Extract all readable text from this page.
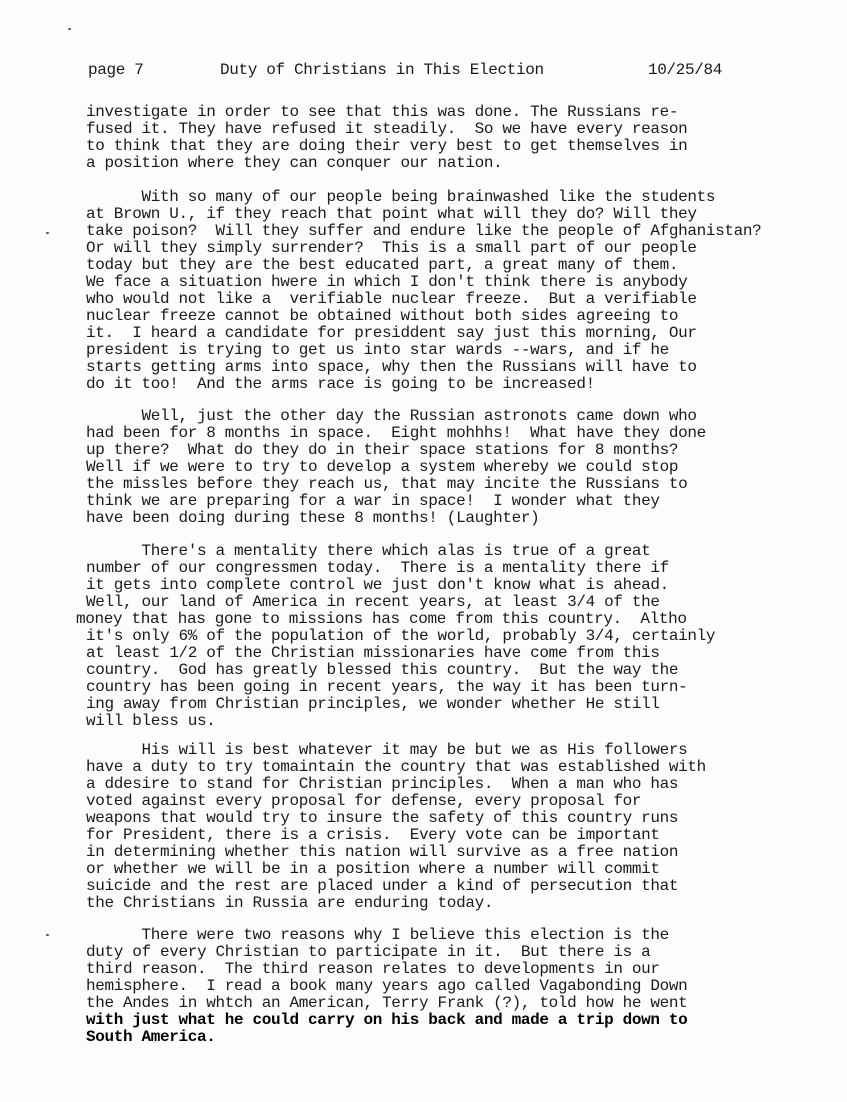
page 7

	Duty of Christians in This Election

	10/25/84

investigate in order to see that this was done. The Russians re-
fused it. They have refused it steadily.  So we have every reason
to think that they are doing their very best to get themselves in
a position where they can conquer our nation.
With so many of our people being brainwashed like the students
at Brown U., if they reach that point what will they do? Will they
take poison?  Will they suffer and endure like the people of Afghanistan?
Or will they simply surrender?  This is a small part of our people
today but they are the best educated part, a great many of them.
We face a situation hwere in which I don't think there is anybody
who would not like a  verifiable nuclear freeze.  But a verifiable
nuclear freeze cannot be obtained without both sides agreeing to
it.  I heard a candidate for presiddent say just this morning, Our
president is trying to get us into star wards --wars, and if he
starts getting arms into space, why then the Russians will have to
do it too!  And the arms race is going to be increased!
Well, just the other day the Russian astronots came down who
had been for 8 months in space.  Eight mohhhs!  What have they done
up there?  What do they do in their space stations for 8 months?
Well if we were to try to develop a system whereby we could stop
the missles before they reach us, that may incite the Russians to
think we are preparing for a war in space!  I wonder what they
have been doing during these 8 months! (Laughter)
There's a mentality there which alas is true of a great
number of our congressmen today.  There is a mentality there if
it gets into complete control we just don't know what is ahead.
Well, our land of America in recent years, at least 3/4 of the
money that has gone to missions has come from this country.  Altho
it's only 6% of the population of the world, probably 3/4, certainly
at least 1/2 of the Christian missionaries have come from this
country.  God has greatly blessed this country.  But the way the
country has been going in recent years, the way it has been turn-
ing away from Christian principles, we wonder whether He still
will bless us.
His will is best whatever it may be but we as His followers
have a duty to try tomaintain the country that was established with
a ddesire to stand for Christian principles.  When a man who has
voted against every proposal for defense, every proposal for
weapons that would try to insure the safety of this country runs
for President, there is a crisis.  Every vote can be important
in determining whether this nation will survive as a free nation
or whether we will be in a position where a number will commit
suicide and the rest are placed under a kind of persecution that
the Christians in Russia are enduring today.
There were two reasons why I believe this election is the
duty of every Christian to participate in it.  But there is a
third reason.  The third reason relates to developments in our
hemisphere.  I read a book many years ago called Vagabonding Down
the Andes in whtch an American, Terry Frank (?), told how he went
with just what he could carry on his back and made a trip down to
South America.
